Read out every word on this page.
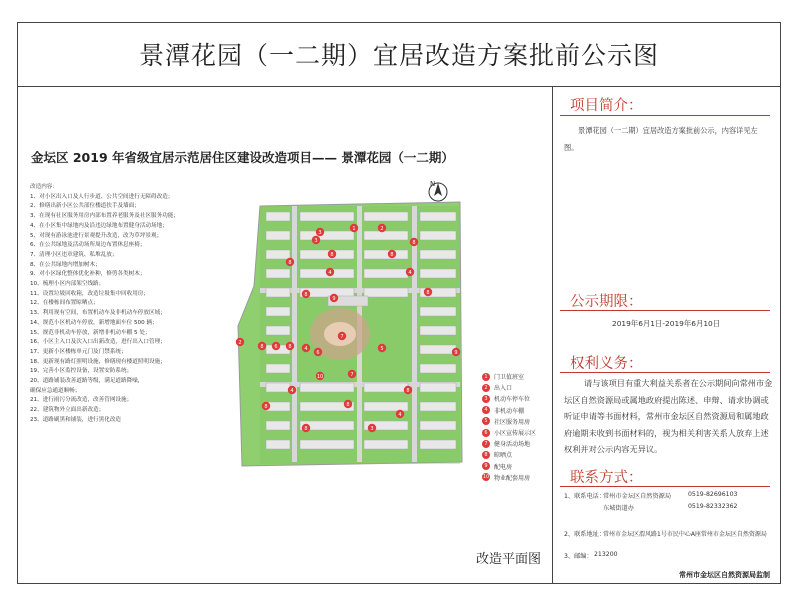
景潭花园（一二期）宜居改造方案批前公示图
金坛区 2019 年省级宜居示范居住区建设改造项目—— 景潭花园（一二期）
改造内容：
1、对小区出入口及人行步道、公共空间进行无障碍改造；
2、修缮出新小区公共部位楼道扶手及墙面；
3、在现有社区服务用房内部布置养老服务及社区服务功能；
4、在小区集中绿地内及沿违边绿地布置健身活动场地；
5、对现有游泳池进行景观提升改造，改为草坪景观；
6、在公共绿地及活动场所周边布置休息座椅；
7、清理小区违章建筑、私堆乱放；
8、在公共绿地内增加树木；
9、对小区绿化整体优化补种，修剪各类树木；
10、梳理小区内部架空线路；
11、设置垃圾回收箱，改造垃圾集中回收用房；
12、在楼栋间布置晾晒点；
13、利用现有空间，布置机动车及非机动车停放区域；
14、规范小区机动车停放，新增地面车位 500 辆；
15、规范非机动车停放，新增非机动车棚 5 处；
16、小区主入口及次入口出新改造，进行出入口管理；
17、更新小区楼栋单元门及门禁系统；
18、更新现有路灯照明设施，修缮现有楼道照明设施；
19、完善小区监控设备，设置安防系统；
20、道路铺装改善道路等级，满足道路降噪，
确保应急通道顺畅；
21、进行雨污分流改造，改善管网设施；
22、建筑物外立面出新改造；
23、道路刷黑和铺装，进行黑化改造
N
3
1	2
3	8
8	8
8
4	4
8	8
9
2
8 6 8	4
6
7
5
9
10	7
4	8
8	8
4
8	3
1	门卫值班室
2	出入口
3	机动车停车位
4	非机动车棚
5	社区服务用房
6	小区宣传展示区
7	健身活动场地
8	晾晒点
9	配电房
10 物业配套用房
改造平面图
项目简介：
景潭花园（一二期）宜居改造方案批前公示，内容详见左图。
公示期限：
2019年6月1日-2019年6月10日
权利义务：
请与该项目有重大利益关系者在公示期间向常州市金坛区自然资源局或属地政府提出陈述、申辩、请求协调或听证申请等书面材料，常州市金坛区自然资源局和属地政府逾期未收到书面材料的，视为相关利害关系人放弃上述权利并对公示内容无异议。
联系方式：
1、联系电话：
常州市金坛区自然资源局	0519-82696103
东城街道办	0519-82332362
2、联系地址：
常州市金坛区渭风路1号市民中心A座常州市金坛区自然资源局
3、邮编： 213200
常州市金坛区自然资源局监制
